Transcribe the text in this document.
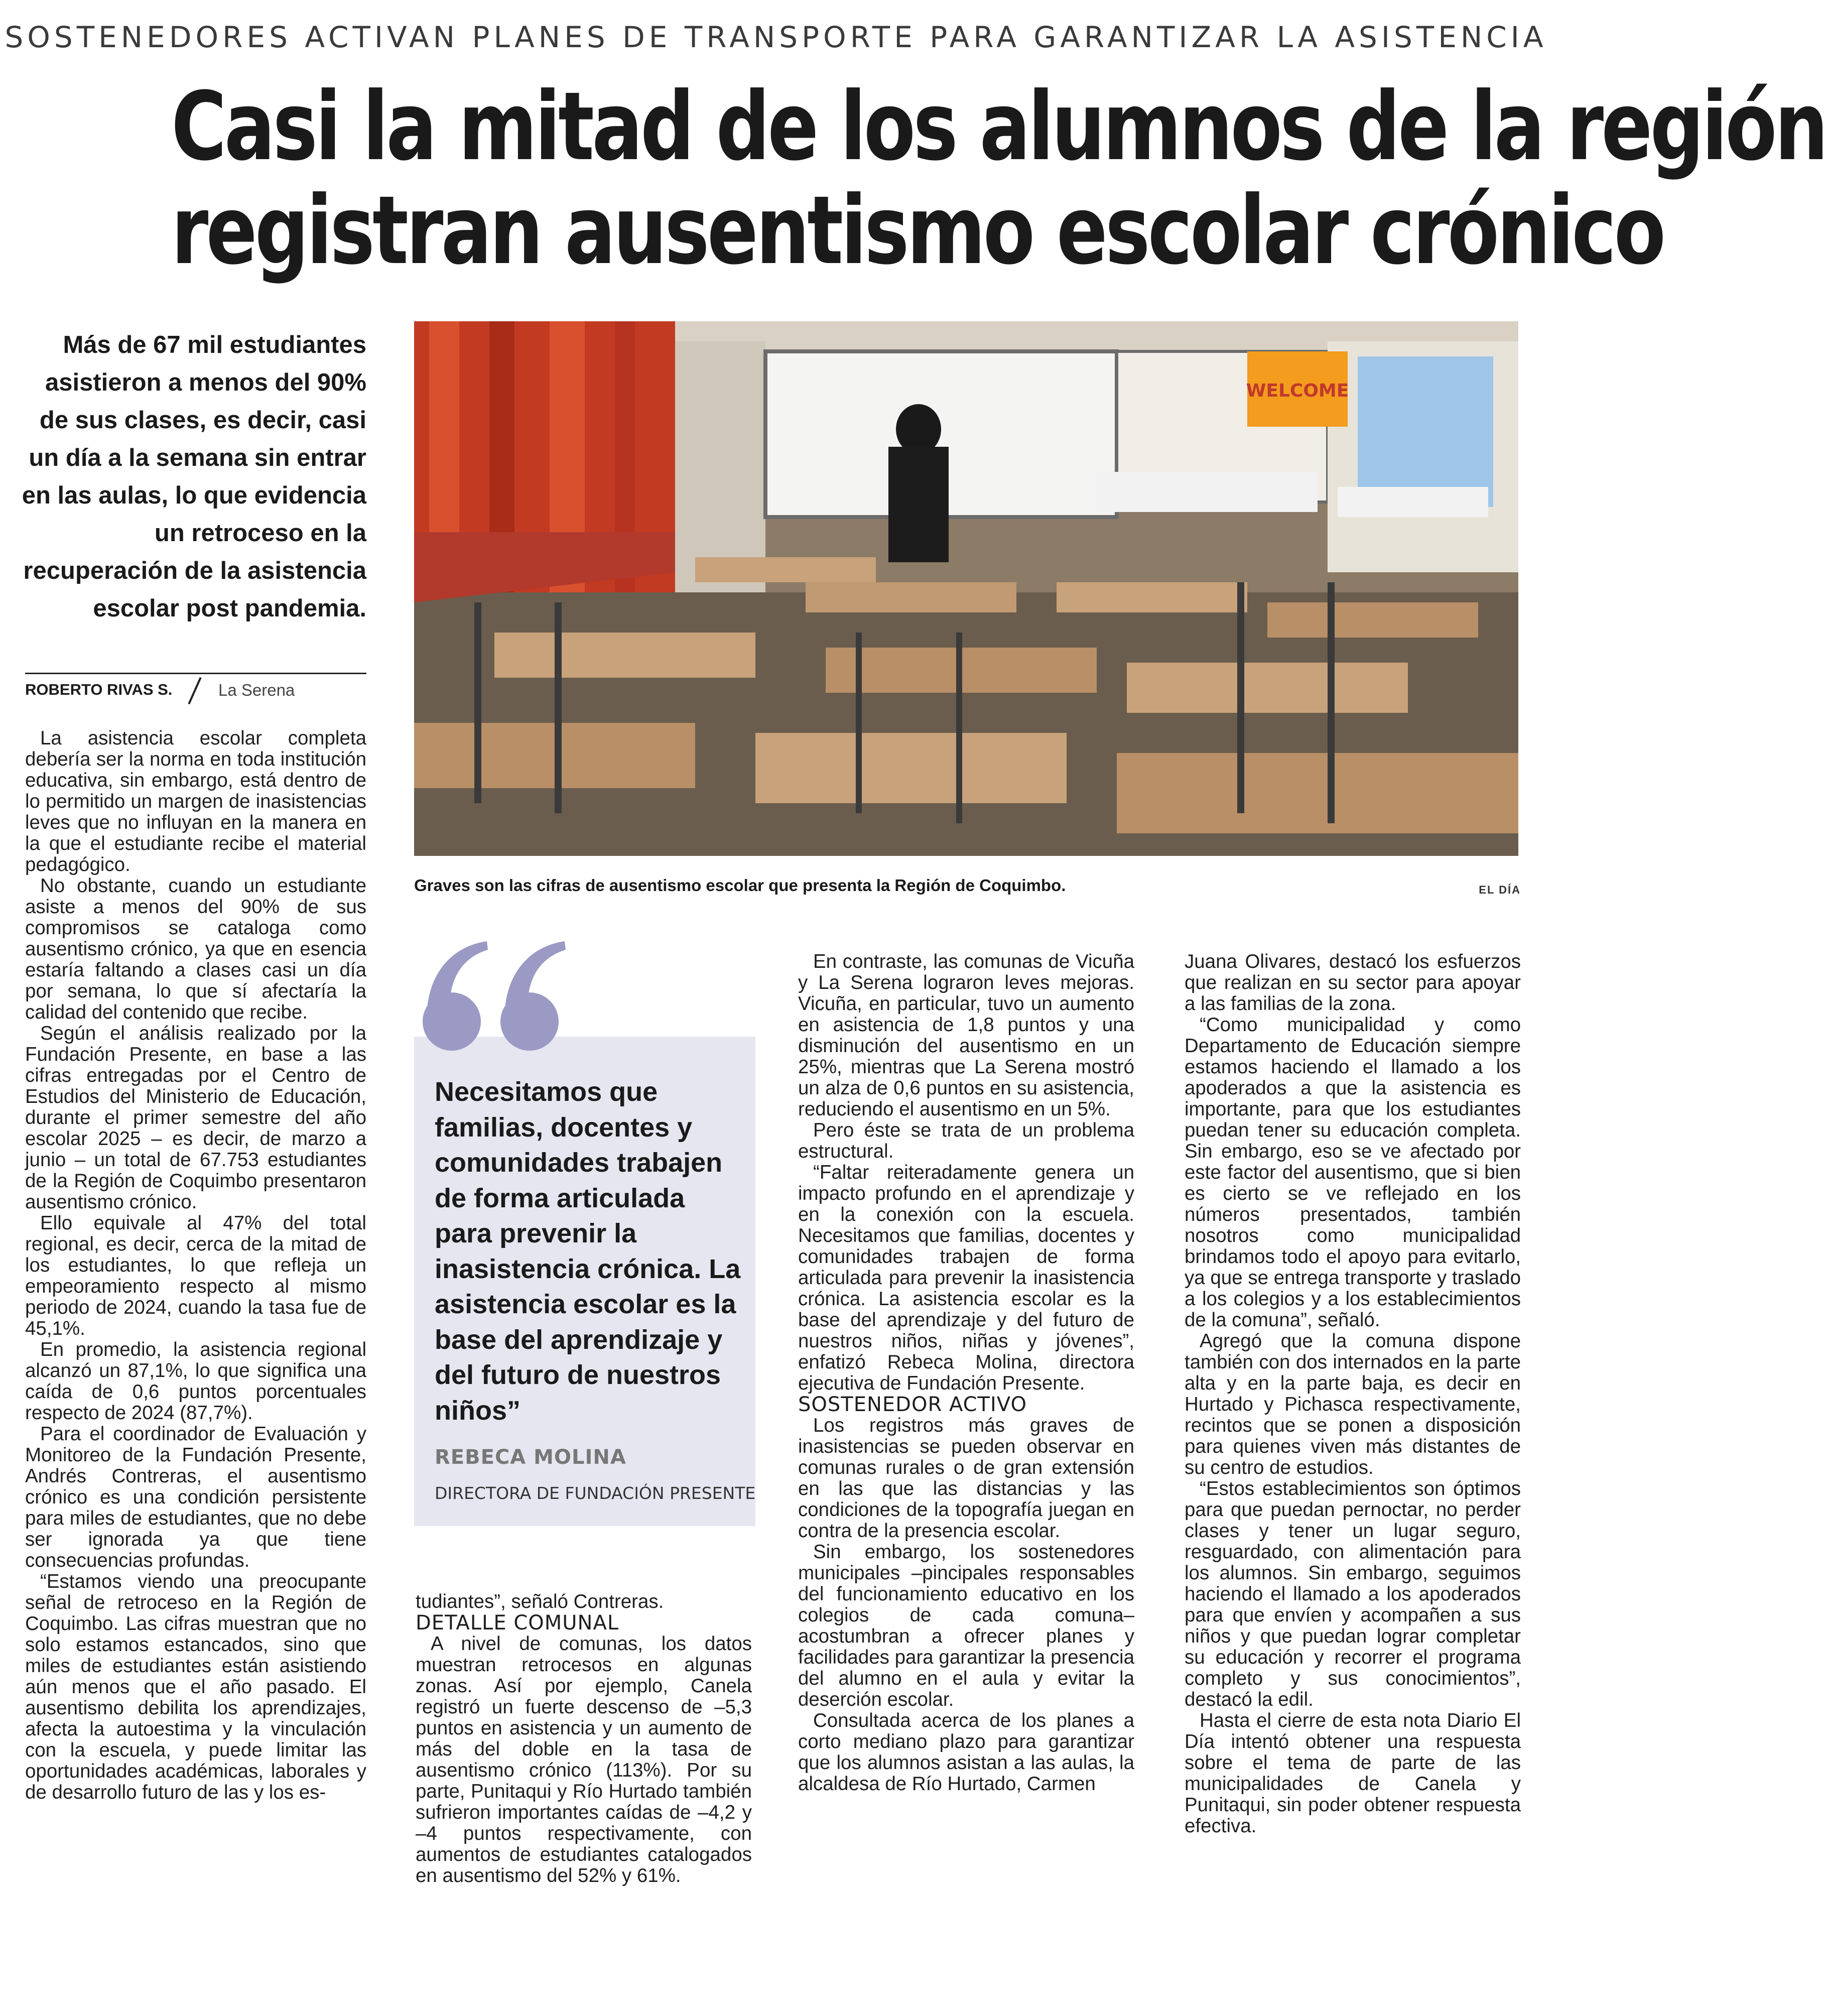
SOSTENEDORES ACTIVAN PLANES DE TRANSPORTE PARA GARANTIZAR LA ASISTENCIA
Casi la mitad de los alumnos de la región
registran ausentismo escolar crónico
Más de 67 mil estudiantes asistieron a menos del 90% de sus clases, es decir, casi un día a la semana sin entrar en las aulas, lo que evidencia un retroceso en la recuperación de la asistencia escolar post pandemia.
ROBERTO RIVAS S.	La Serena
WELCOME
Graves son las cifras de ausentismo escolar que presenta la Región de Coquimbo.	EL DÍA
Necesitamos que familias, docentes y comunidades trabajen de forma articulada para prevenir la inasistencia crónica. La asistencia escolar es la base del aprendizaje y del futuro de nuestros niños”
REBECA MOLINA
DIRECTORA DE FUNDACIÓN PRESENTE

La asistencia escolar completa debería ser la norma en toda institución educativa, sin embargo, está dentro de lo permitido un margen de inasistencias leves que no influyan en la manera en la que el estudiante recibe el material pedagógico.

No obstante, cuando un estudiante asiste a menos del 90% de sus compromisos se cataloga como ausentismo crónico, ya que en esencia estaría faltando a clases casi un día por semana, lo que sí afectaría la calidad del contenido que recibe.

Según el análisis realizado por la Fundación Presente, en base a las cifras entregadas por el Centro de Estudios del Ministerio de Educación, durante el primer semestre del año escolar 2025 – es decir, de marzo a junio – un total de 67.753 estudiantes de la Región de Coquimbo presentaron ausentismo crónico.

Ello equivale al 47% del total regional, es decir, cerca de la mitad de los estudiantes, lo que refleja un empeoramiento respecto al mismo periodo de 2024, cuando la tasa fue de 45,1%.

En promedio, la asistencia regional alcanzó un 87,1%, lo que significa una caída de 0,6 puntos porcentuales respecto de 2024 (87,7%).

Para el coordinador de Evaluación y Monitoreo de la Fundación Presente, Andrés Contreras, el ausentismo crónico es una condición persistente para miles de estudiantes, que no debe ser ignorada ya que tiene consecuencias profundas.

“Estamos viendo una preocupante señal de retroceso en la Región de Coquimbo. Las cifras muestran que no solo estamos estancados, sino que miles de estudiantes están asistiendo aún menos que el año pasado. El ausentismo debilita los aprendizajes, afecta la autoestima y la vinculación con la escuela, y puede limitar las oportunidades académicas, laborales y de desarrollo futuro de las y los es-

tudiantes”, señaló Contreras.

DETALLE COMUNAL

A nivel de comunas, los datos muestran retrocesos en algunas zonas. Así por ejemplo, Canela registró un fuerte descenso de –5,3 puntos en asistencia y un aumento de más del doble en la tasa de ausentismo crónico (113%). Por su parte, Punitaqui y Río Hurtado también sufrieron importantes caídas de –4,2 y –4 puntos respectivamente, con aumentos de estudiantes catalogados en ausentismo del 52% y 61%.

En contraste, las comunas de Vicuña y La Serena lograron leves mejoras. Vicuña, en particular, tuvo un aumento en asistencia de 1,8 puntos y una disminución del ausentismo en un 25%, mientras que La Serena mostró un alza de 0,6 puntos en su asistencia, reduciendo el ausentismo en un 5%.

Pero éste se trata de un problema estructural.

“Faltar reiteradamente genera un impacto profundo en el aprendizaje y en la conexión con la escuela. Necesitamos que familias, docentes y comunidades trabajen de forma articulada para prevenir la inasistencia crónica. La asistencia escolar es la base del aprendizaje y del futuro de nuestros niños, niñas y jóvenes”, enfatizó Rebeca Molina, directora ejecutiva de Fundación Presente.

SOSTENEDOR ACTIVO

Los registros más graves de inasistencias se pueden observar en comunas rurales o de gran extensión en las que las distancias y las condiciones de la topografía juegan en contra de la presencia escolar.

Sin embargo, los sostenedores municipales –pincipales responsables del funcionamiento educativo en los colegios de cada comuna– acostumbran a ofrecer planes y facilidades para garantizar la presencia del alumno en el aula y evitar la deserción escolar.

Consultada acerca de los planes a corto mediano plazo para garantizar que los alumnos asistan a las aulas, la alcaldesa de Río Hurtado, Carmen

Juana Olivares, destacó los esfuerzos que realizan en su sector para apoyar a las familias de la zona.

“Como municipalidad y como Departamento de Educación siempre estamos haciendo el llamado a los apoderados a que la asistencia es importante, para que los estudiantes puedan tener su educación completa. Sin embargo, eso se ve afectado por este factor del ausentismo, que si bien es cierto se ve reflejado en los números presentados, también nosotros como municipalidad brindamos todo el apoyo para evitarlo, ya que se entrega transporte y traslado a los colegios y a los establecimientos de la comuna”, señaló.

Agregó que la comuna dispone también con dos internados en la parte alta y en la parte baja, es decir en Hurtado y Pichasca respectivamente, recintos que se ponen a disposición para quienes viven más distantes de su centro de estudios.

“Estos establecimientos son óptimos para que puedan pernoctar, no perder clases y tener un lugar seguro, resguardado, con alimentación para los alumnos. Sin embargo, seguimos haciendo el llamado a los apoderados para que envíen y acompañen a sus niños y que puedan lograr completar su educación y recorrer el programa completo y sus conocimientos”, destacó la edil.

Hasta el cierre de esta nota Diario El Día intentó obtener una respuesta sobre el tema de parte de las municipalidades de Canela y Punitaqui, sin poder obtener respuesta efectiva.
